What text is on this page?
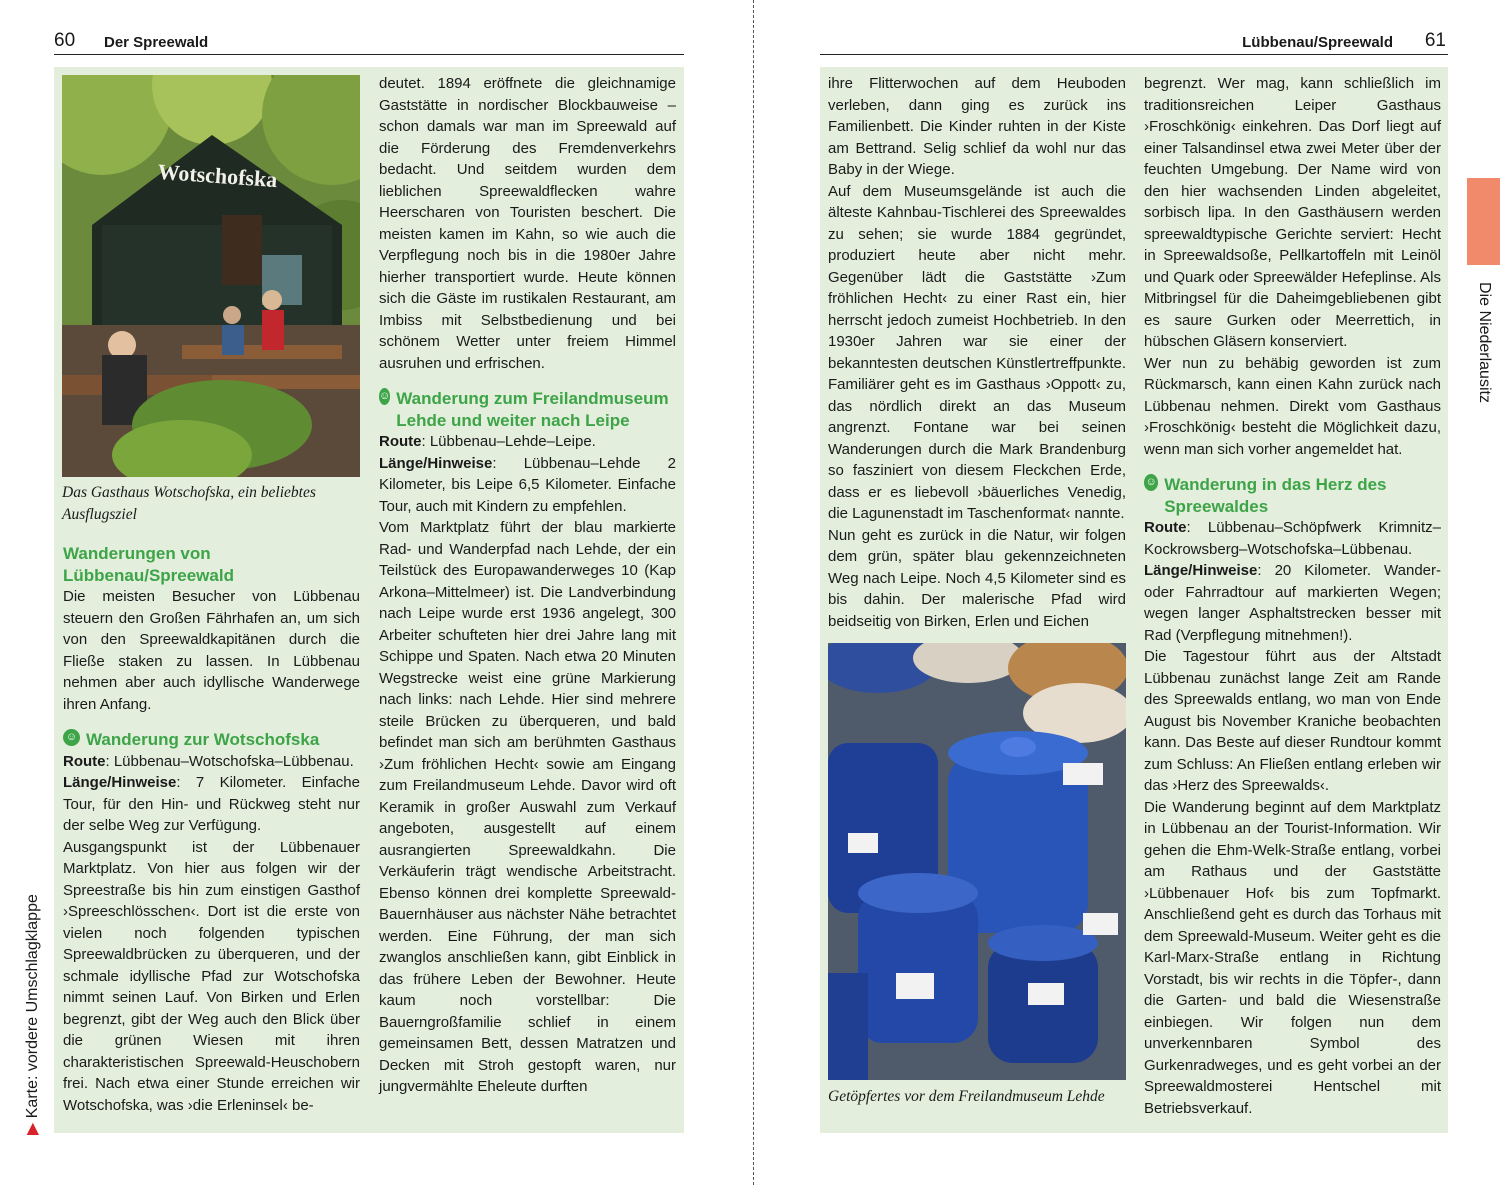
60 Der Spreewald
Wotschofska
Das Gasthaus Wotschofska, ein beliebtes Ausflugsziel

Wanderungen von Lübbenau/Spreewald

Die meisten Besucher von Lübbenau steuern den Großen Fährhafen an, um sich von den Spreewaldkapitänen durch die Fließe staken zu lassen. In Lübbenau nehmen aber auch idyllische Wanderwege ihren Anfang.

☺ Wanderung zur Wotschofska

Route: Lübbenau–Wotschofska–Lübbenau.

Länge/Hinweise: 7 Kilometer. Einfache Tour, für den Hin- und Rückweg steht nur der selbe Weg zur Verfügung.

Ausgangspunkt ist der Lübbenauer Marktplatz. Von hier aus folgen wir der Spreestraße bis hin zum einstigen Gasthof ›Spreeschlösschen‹. Dort ist die erste von vielen noch folgenden typischen Spreewaldbrücken zu überqueren, und der schmale idyllische Pfad zur Wotschofska nimmt seinen Lauf. Von Birken und Erlen begrenzt, gibt der Weg auch den Blick über die grünen Wiesen mit ihren charakteristischen Spreewald-Heuschobern frei. Nach etwa einer Stunde erreichen wir Wotschofska, was ›die Erleninsel‹ be-

deutet. 1894 eröffnete die gleichnamige Gaststätte in nordischer Blockbauweise – schon damals war man im Spreewald auf die Förderung des Fremdenverkehrs bedacht. Und seitdem wurden dem lieblichen Spreewaldflecken wahre Heerscharen von Touristen beschert. Die meisten kamen im Kahn, so wie auch die Verpflegung noch bis in die 1980er Jahre hierher transportiert wurde. Heute können sich die Gäste im rustikalen Restaurant, am Imbiss mit Selbstbedienung und bei schönem Wetter unter freiem Himmel ausruhen und erfrischen.

☺ Wanderung zum Freilandmuseum Lehde und weiter nach Leipe

Route: Lübbenau–Lehde–Leipe.

Länge/Hinweise: Lübbenau–Lehde 2 Kilometer, bis Leipe 6,5 Kilometer. Einfache Tour, auch mit Kindern zu empfehlen.

Vom Marktplatz führt der blau markierte Rad- und Wanderpfad nach Lehde, der ein Teilstück des Europawanderweges 10 (Kap Arkona–Mittelmeer) ist. Die Landverbindung nach Leipe wurde erst 1936 angelegt, 300 Arbeiter schufteten hier drei Jahre lang mit Schippe und Spaten. Nach etwa 20 Minuten Wegstrecke weist eine grüne Markierung nach links: nach Lehde. Hier sind mehrere steile Brücken zu überqueren, und bald befindet man sich am berühmten Gasthaus ›Zum fröhlichen Hecht‹ sowie am Eingang zum Freilandmuseum Lehde. Davor wird oft Keramik in großer Auswahl zum Verkauf angeboten, ausgestellt auf einem ausrangierten Spreewaldkahn. Die Verkäuferin trägt wendische Arbeitstracht. Ebenso können drei komplette Spreewald-Bauernhäuser aus nächster Nähe betrachtet werden. Eine Führung, der man sich zwanglos anschließen kann, gibt Einblick in das frühere Leben der Bewohner. Heute kaum noch vorstellbar: Die Bauerngroßfamilie schlief in einem gemeinsamen Bett, dessen Matratzen und Decken mit Stroh gestopft waren, nur jungvermählte Eheleute durften

▶ Karte: vordere Umschlagklappe
Lübbenau/Spreewald 61

ihre Flitterwochen auf dem Heuboden verleben, dann ging es zurück ins Familienbett. Die Kinder ruhten in der Kiste am Bettrand. Selig schlief da wohl nur das Baby in der Wiege.

Auf dem Museumsgelände ist auch die älteste Kahnbau-Tischlerei des Spreewaldes zu sehen; sie wurde 1884 gegründet, produziert heute aber nicht mehr. Gegenüber lädt die Gaststätte ›Zum fröhlichen Hecht‹ zu einer Rast ein, hier herrscht jedoch zumeist Hochbetrieb. In den 1930er Jahren war sie einer der bekanntesten deutschen Künstlertreffpunkte. Familiärer geht es im Gasthaus ›Oppott‹ zu, das nördlich direkt an das Museum angrenzt. Fontane war bei seinen Wanderungen durch die Mark Brandenburg so fasziniert von diesem Fleckchen Erde, dass er es liebevoll ›bäuerliches Venedig, die Lagunenstadt im Taschenformat‹ nannte.

Nun geht es zurück in die Natur, wir folgen dem grün, später blau gekennzeichneten Weg nach Leipe. Noch 4,5 Kilometer sind es bis dahin. Der malerische Pfad wird beidseitig von Birken, Erlen und Eichen

Getöpfertes vor dem Freilandmuseum Lehde

begrenzt. Wer mag, kann schließlich im traditionsreichen Leiper Gasthaus ›Froschkönig‹ einkehren. Das Dorf liegt auf einer Talsandinsel etwa zwei Meter über der feuchten Umgebung. Der Name wird von den hier wachsenden Linden abgeleitet, sorbisch lipa. In den Gasthäusern werden spreewaldtypische Gerichte serviert: Hecht in Spreewaldsoße, Pellkartoffeln mit Leinöl und Quark oder Spreewälder Hefeplinse. Als Mitbringsel für die Daheimgebliebenen gibt es saure Gurken oder Meerrettich, in hübschen Gläsern konserviert.

Wer nun zu behäbig geworden ist zum Rückmarsch, kann einen Kahn zurück nach Lübbenau nehmen. Direkt vom Gasthaus ›Froschkönig‹ besteht die Möglichkeit dazu, wenn man sich vorher angemeldet hat.

☺ Wanderung in das Herz des Spreewaldes

Route: Lübbenau–Schöpfwerk Krimnitz–Kockrowsberg–Wotschofska–Lübbenau.

Länge/Hinweise: 20 Kilometer. Wander- oder Fahrradtour auf markierten Wegen; wegen langer Asphaltstrecken besser mit Rad (Verpflegung mitnehmen!).

Die Tagestour führt aus der Altstadt Lübbenau zunächst lange Zeit am Rande des Spreewalds entlang, wo man von Ende August bis November Kraniche beobachten kann. Das Beste auf dieser Rundtour kommt zum Schluss: An Fließen entlang erleben wir das ›Herz des Spreewalds‹.

Die Wanderung beginnt auf dem Marktplatz in Lübbenau an der Tourist-Information. Wir gehen die Ehm-Welk-Straße entlang, vorbei am Rathaus und der Gaststätte ›Lübbenauer Hof‹ bis zum Topfmarkt. Anschließend geht es durch das Torhaus mit dem Spreewald-Museum. Weiter geht es die Karl-Marx-Straße entlang in Richtung Vorstadt, bis wir rechts in die Töpfer-, dann die Garten- und bald die Wiesenstraße einbiegen. Wir folgen nun dem unverkennbaren Symbol des Gurkenradweges, und es geht vorbei an der Spreewaldmosterei Hentschel mit Betriebsverkauf.

Die Niederlausitz
